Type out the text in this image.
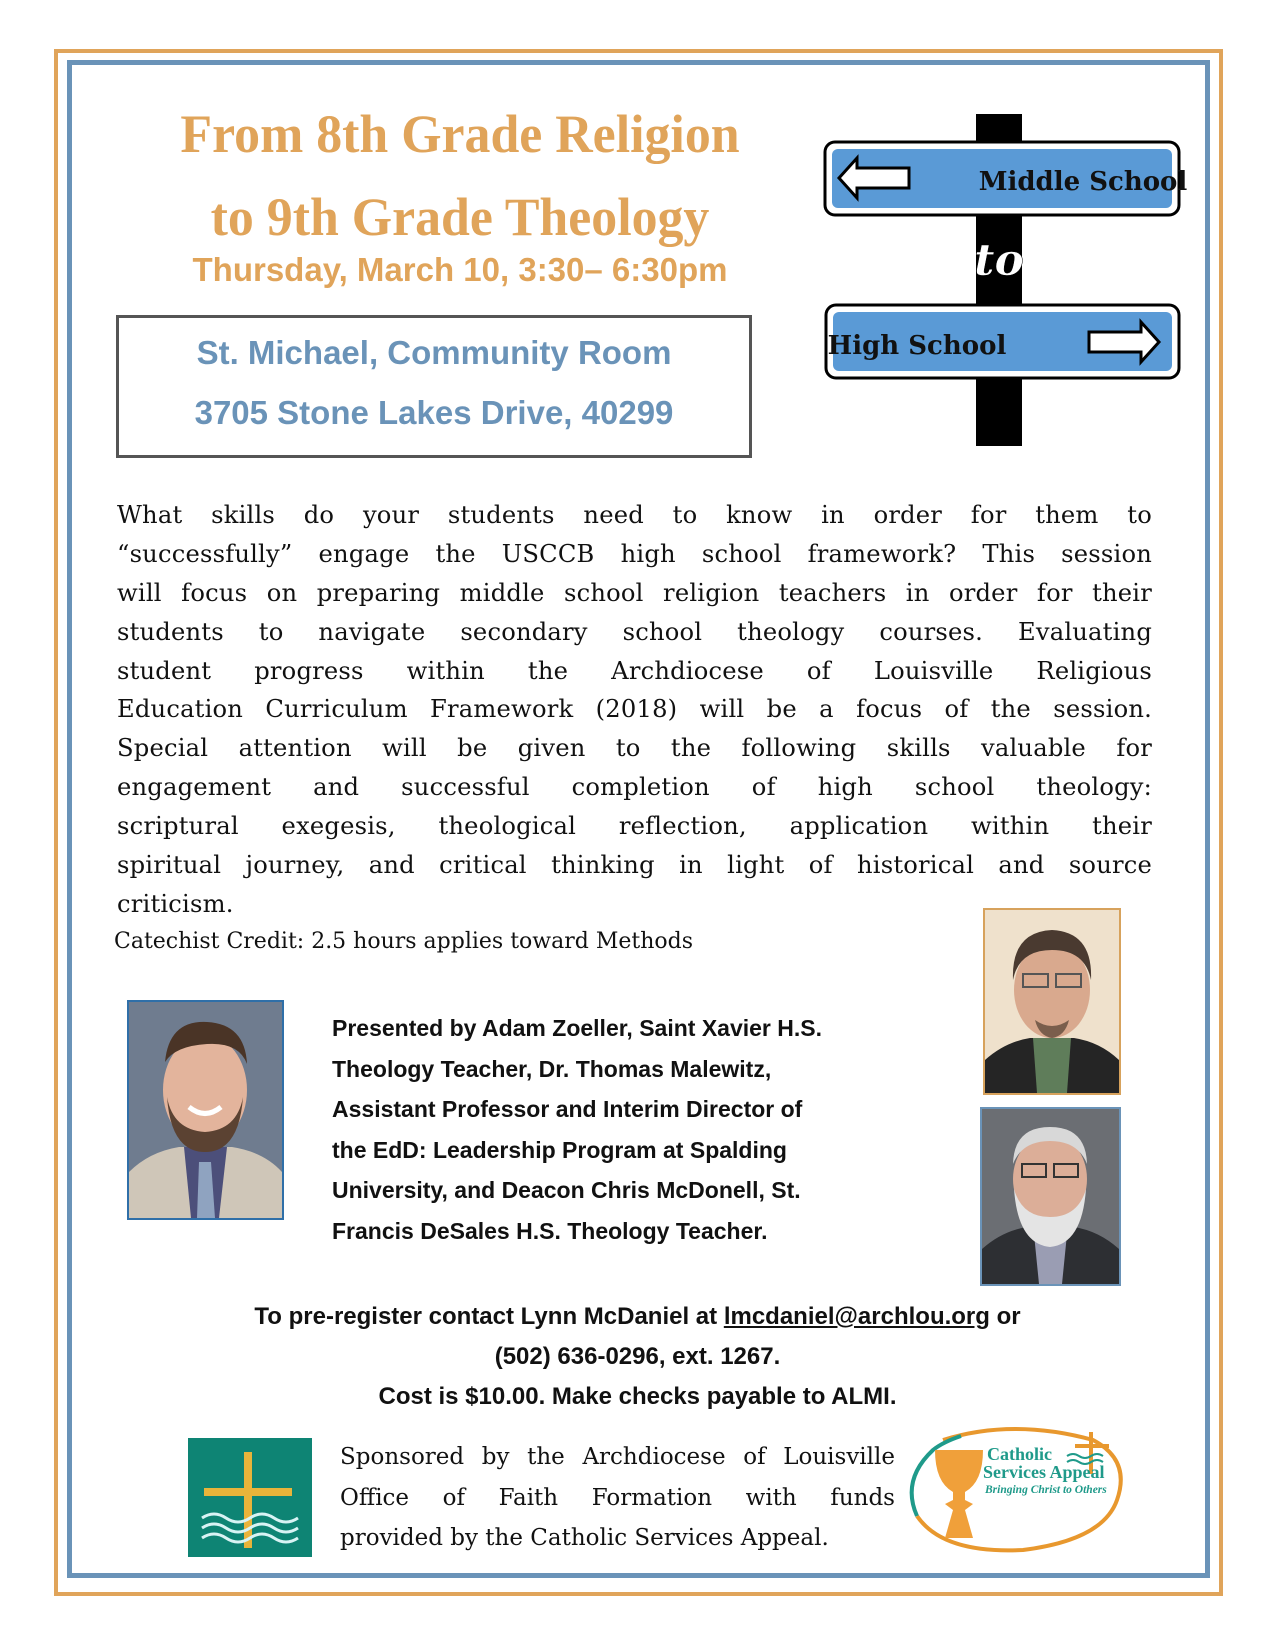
From 8th Grade Religion
to 9th Grade Theology
Thursday, March 10, 3:30– 6:30pm
St. Michael, Community Room
3705 Stone Lakes Drive, 40299
Middle School
to
High School
What skills do your students need to know in order for them to
“successfully” engage the USCCB high school framework? This session
will focus on preparing middle school religion teachers in order for their
students to navigate secondary school theology courses. Evaluating
student progress within the Archdiocese of Louisville Religious
Education Curriculum Framework (2018) will be a focus of the session.
Special attention will be given to the following skills valuable for
engagement and successful completion of high school theology:
scriptural exegesis, theological reflection, application within their
spiritual journey, and critical thinking in light of historical and source
criticism.
Catechist Credit: 2.5 hours applies toward Methods
Presented by Adam Zoeller, Saint Xavier H.S.
Theology Teacher, Dr. Thomas Malewitz,
Assistant Professor and Interim Director of
the EdD: Leadership Program at Spalding
University, and Deacon Chris McDonell, St.
Francis DeSales H.S. Theology Teacher.
To pre-register contact Lynn McDaniel at lmcdaniel@archlou.org or
(502) 636-0296, ext. 1267.
Cost is $10.00. Make checks payable to ALMI.
Sponsored by the Archdiocese of Louisville
Office of Faith Formation with funds
provided by the Catholic Services Appeal.
Catholic
Services Appeal
Bringing Christ to Others
